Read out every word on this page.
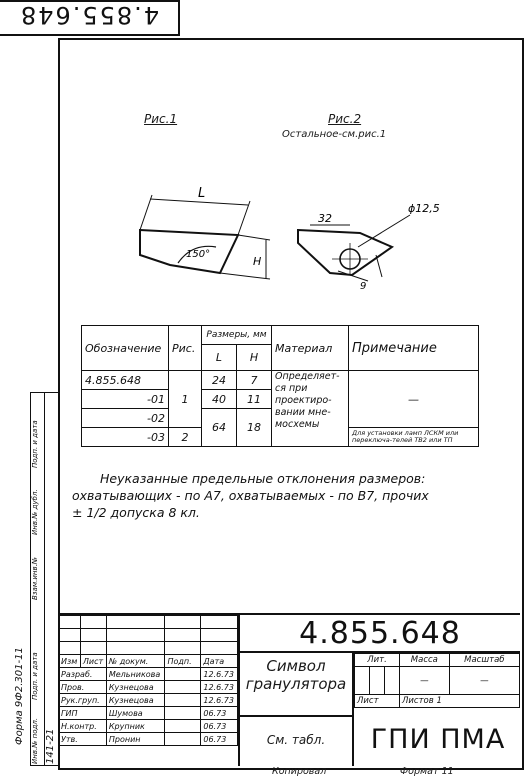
4.855.648
Рис.1	Рис.2
Остальное-см.рис.1
L
150°
H
32
ϕ12,5
9
Обозначение	Рис.	Размеры, мм		Материал	Примечание
		L	H		
4.855.648	1	24	7	Определяет-ся при проектиро-вании мне-мосхемы	—
-01		40	11		
-02		64	18		
-03	2				Для установки ламп ЛСКМ или переключа-телей ТВ2 или ТП
Неуказанные предельные отклонения размеров:
охватывающих - по А7, охватываемых - по В7, прочих
± 1/2 допуска 8 кл.

Изм	Лист	№ докум.	Подп.	Дата
Разраб.		Мельникова		12.6.73
Пров.		Кузнецова		12.6.73
Рук.груп.		Кузнецова		12.6.73
ГИП		Шумова		06.73
Н.контр.		Крупник		06.73
Утв.		Пронин		06.73
4.855.648
Символ
грануляторa
См. табл.
Лит.			Масса	Масштаб
			—	—
Лист			Листов 1	
ГПИ ПМА
Копировал	Формат 11
Форма 9Ф2.301-11 Инв.№ подл. 141-21
Подп. и дата
Взам.инв.№
Инв.№ дубл.
Подп. и дата
